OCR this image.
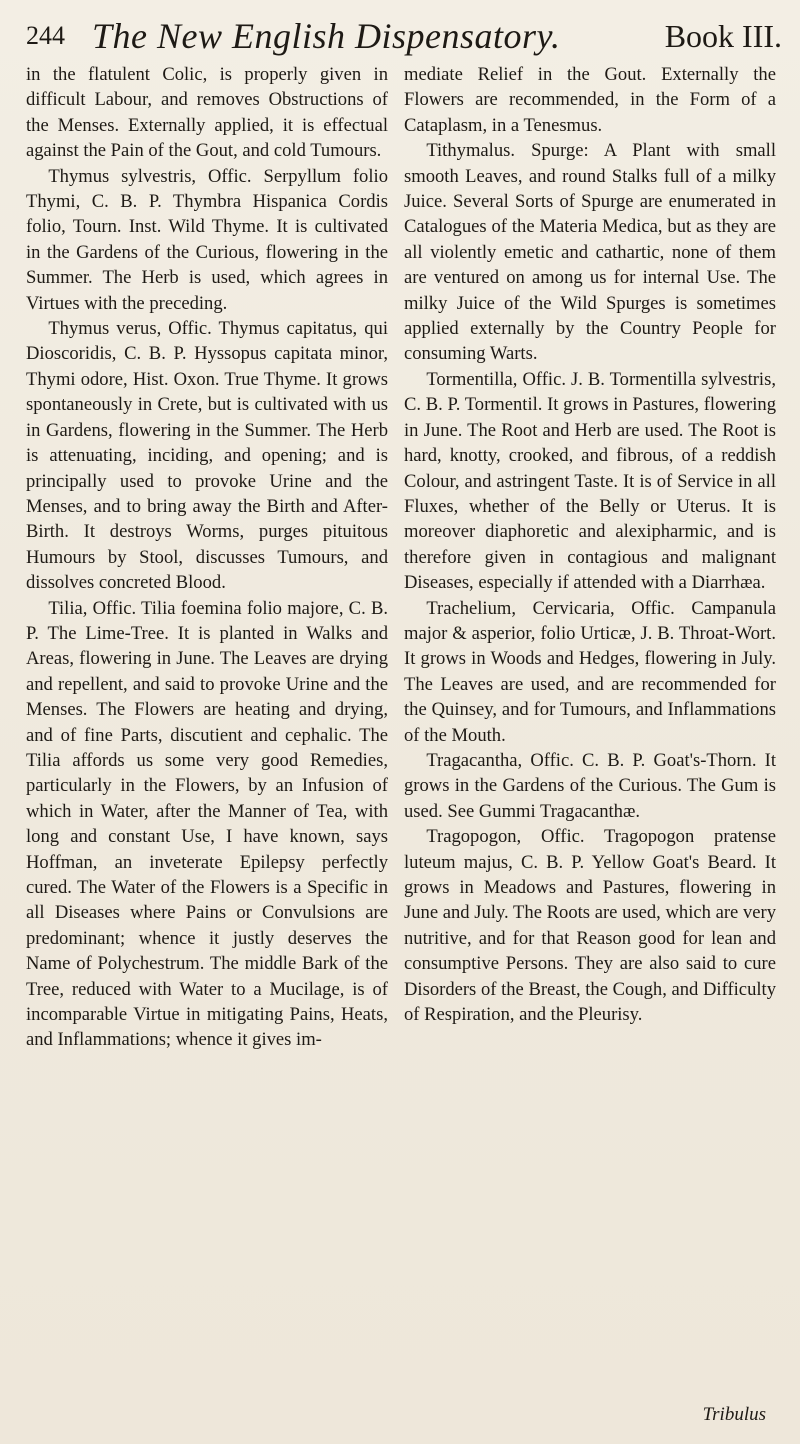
244 The New English Dispensatory.	Book III.

in the flatulent Colic, is properly given in difficult Labour, and removes Obstructions of the Menses. Externally applied, it is effectual against the Pain of the Gout, and cold Tumours.

Thymus sylvestris, Offic. Serpyllum folio Thymi, C. B. P. Thymbra Hispanica Cordis folio, Tourn. Inst. Wild Thyme. It is cultivated in the Gardens of the Curious, flowering in the Summer. The Herb is used, which agrees in Virtues with the preceding.

Thymus verus, Offic. Thymus capitatus, qui Dioscoridis, C. B. P. Hyssopus capitata minor, Thymi odore, Hist. Oxon. True Thyme. It grows spontaneously in Crete, but is cultivated with us in Gardens, flowering in the Summer. The Herb is attenuating, inciding, and opening; and is principally used to provoke Urine and the Menses, and to bring away the Birth and After-Birth. It destroys Worms, purges pituitous Humours by Stool, discusses Tumours, and dissolves concreted Blood.

Tilia, Offic. Tilia foemina folio majore, C. B. P. The Lime-Tree. It is planted in Walks and Areas, flowering in June. The Leaves are drying and repellent, and said to provoke Urine and the Menses. The Flowers are heating and drying, and of fine Parts, discutient and cephalic. The Tilia affords us some very good Remedies, particularly in the Flowers, by an Infusion of which in Water, after the Manner of Tea, with long and constant Use, I have known, says Hoffman, an inveterate Epilepsy perfectly cured. The Water of the Flowers is a Specific in all Diseases where Pains or Convulsions are predominant; whence it justly deserves the Name of Polychestrum. The middle Bark of the Tree, reduced with Water to a Mucilage, is of incomparable Virtue in mitigating Pains, Heats, and Inflammations; whence it gives im-

mediate Relief in the Gout. Externally the Flowers are recommended, in the Form of a Cataplasm, in a Tenesmus.

Tithymalus. Spurge: A Plant with small smooth Leaves, and round Stalks full of a milky Juice. Several Sorts of Spurge are enumerated in Catalogues of the Materia Medica, but as they are all violently emetic and cathartic, none of them are ventured on among us for internal Use. The milky Juice of the Wild Spurges is sometimes applied externally by the Country People for consuming Warts.

Tormentilla, Offic. J. B. Tormentilla sylvestris, C. B. P. Tormentil. It grows in Pastures, flowering in June. The Root and Herb are used. The Root is hard, knotty, crooked, and fibrous, of a reddish Colour, and astringent Taste. It is of Service in all Fluxes, whether of the Belly or Uterus. It is moreover diaphoretic and alexipharmic, and is therefore given in contagious and malignant Diseases, especially if attended with a Diarrhæa.

Trachelium, Cervicaria, Offic. Campanula major & asperior, folio Urticæ, J. B. Throat-Wort. It grows in Woods and Hedges, flowering in July. The Leaves are used, and are recommended for the Quinsey, and for Tumours, and Inflammations of the Mouth.

Tragacantha, Offic. C. B. P. Goat's-Thorn. It grows in the Gardens of the Curious. The Gum is used. See Gummi Tragacanthæ.

Tragopogon, Offic. Tragopogon pratense luteum majus, C. B. P. Yellow Goat's Beard. It grows in Meadows and Pastures, flowering in June and July. The Roots are used, which are very nutritive, and for that Reason good for lean and consumptive Persons. They are also said to cure Disorders of the Breast, the Cough, and Difficulty of Respiration, and the Pleurisy.

Tribulus
